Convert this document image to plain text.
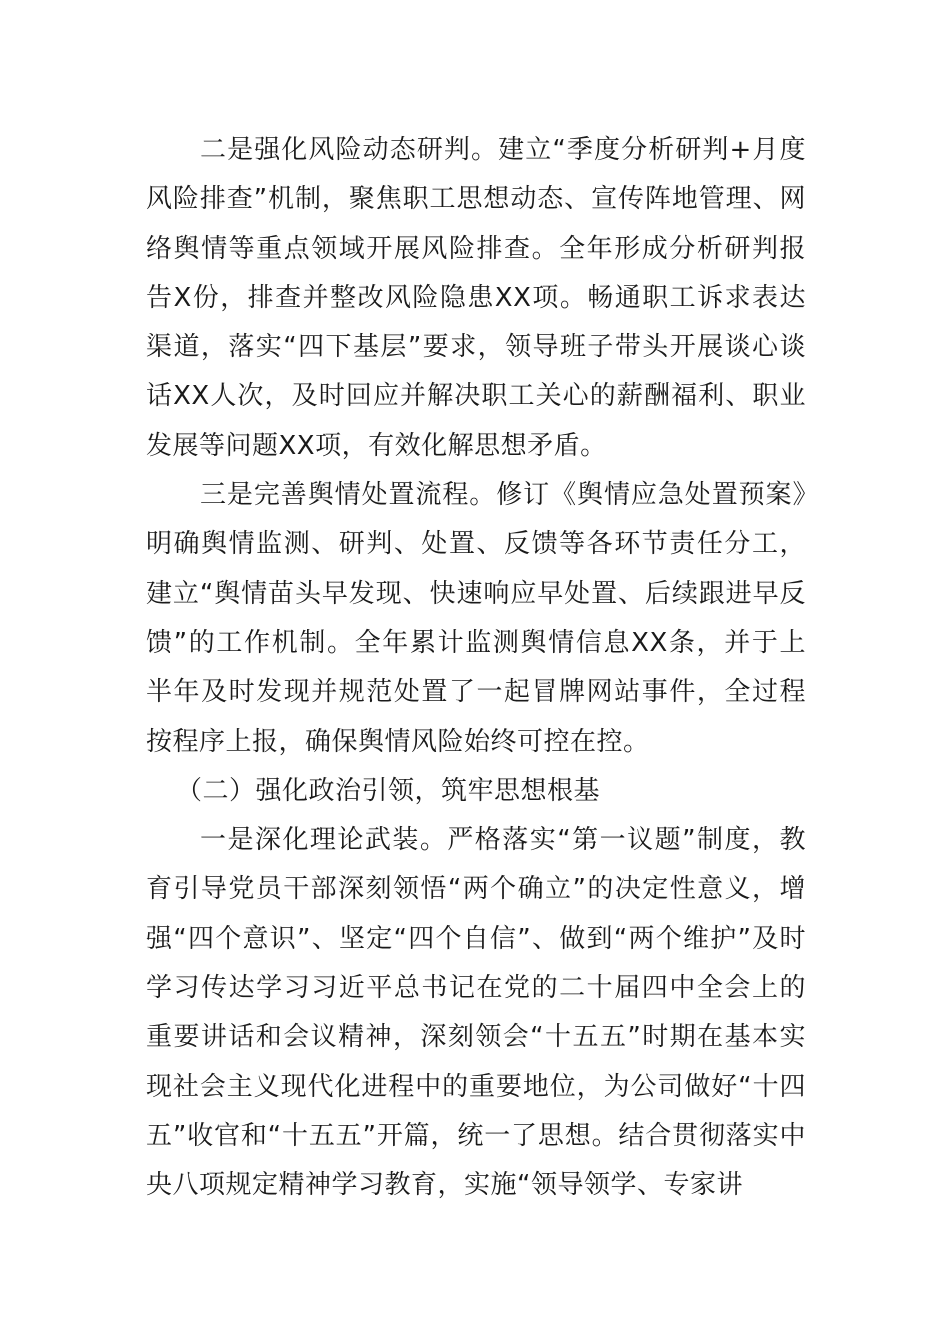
二是强化风险动态研判。建立“季度分析研判+月度风险排查”机制，聚焦职工思想动态、宣传阵地管理、网络舆情等重点领域开展风险排查。全年形成分析研判报告X份，排查并整改风险隐患XX项。畅通职工诉求表达渠道，落实“四下基层”要求，领导班子带头开展谈心谈话XX人次，及时回应并解决职工关心的薪酬福利、职业发展等问题XX项，有效化解思想矛盾。

三是完善舆情处置流程。修订《舆情应急处置预案》明确舆情监测、研判、处置、反馈等各环节责任分工，建立“舆情苗头早发现、快速响应早处置、后续跟进早反馈”的工作机制。全年累计监测舆情信息XX条，并于上半年及时发现并规范处置了一起冒牌网站事件，全过程按程序上报，确保舆情风险始终可控在控。

（二）强化政治引领，筑牢思想根基

一是深化理论武装。严格落实“第一议题”制度，教育引导党员干部深刻领悟“两个确立”的决定性意义，增强“四个意识”、坚定“四个自信”、做到“两个维护”及时学习传达学习习近平总书记在党的二十届四中全会上的重要讲话和会议精神，深刻领会“十五五”时期在基本实现社会主义现代化进程中的重要地位，为公司做好“十四五”收官和“十五五”开篇，统一了思想。结合贯彻落实中央八项规定精神学习教育，实施“领导领学、专家讲
